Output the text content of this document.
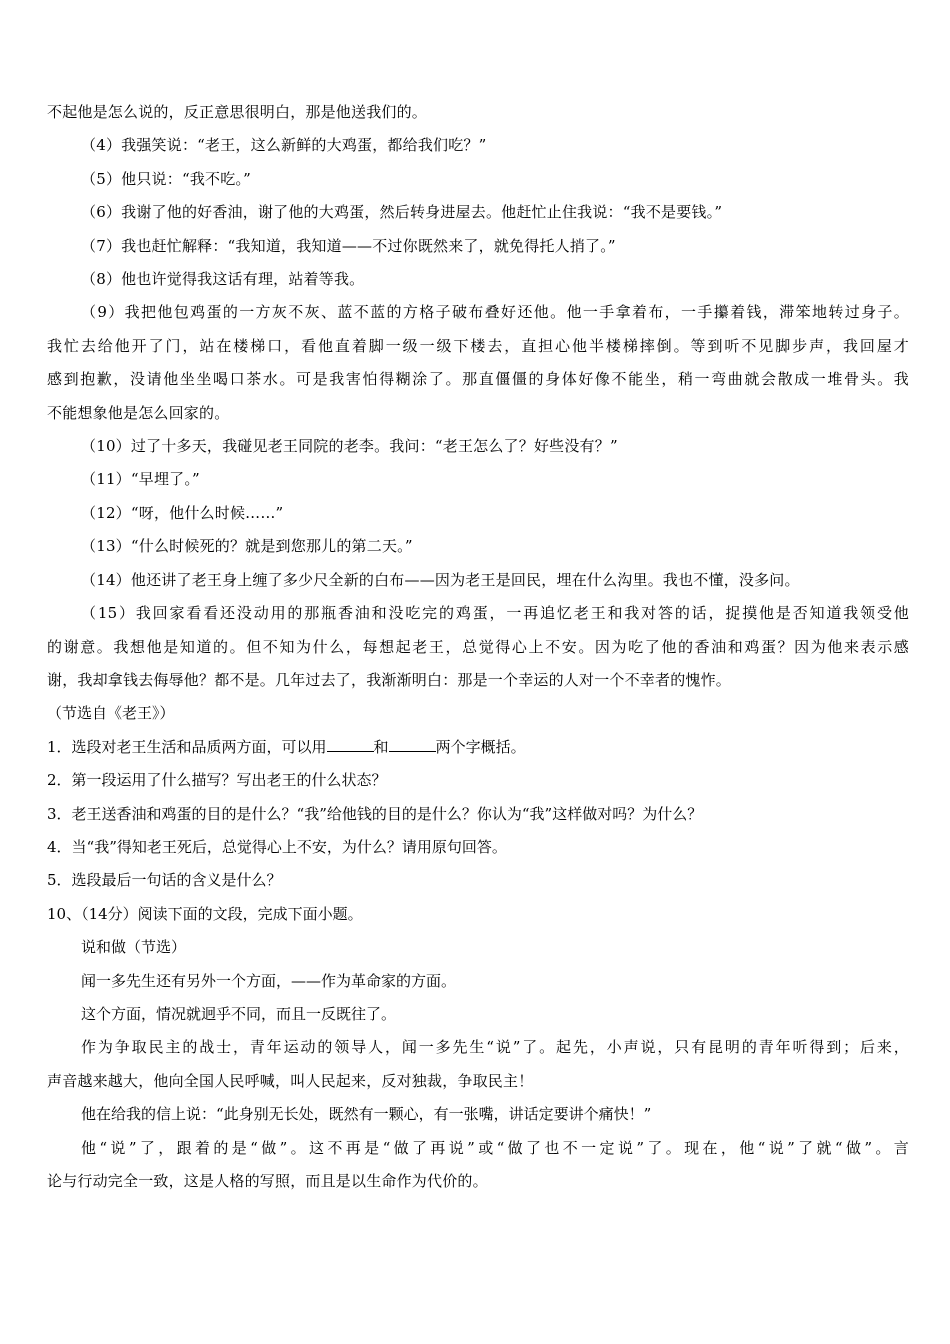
不起他是怎么说的，反正意思很明白，那是他送我们的。
（4）我强笑说：“老王，这么新鲜的大鸡蛋，都给我们吃？”
（5）他只说：“我不吃。”
（6）我谢了他的好香油，谢了他的大鸡蛋，然后转身进屋去。他赶忙止住我说：“我不是要钱。”
（7）我也赶忙解释：“我知道，我知道——不过你既然来了，就免得托人捎了。”
（8）他也许觉得我这话有理，站着等我。
（9）我把他包鸡蛋的一方灰不灰、蓝不蓝的方格子破布叠好还他。他一手拿着布，一手攥着钱，滞笨地转过身子。
我忙去给他开了门，站在楼梯口，看他直着脚一级一级下楼去，直担心他半楼梯摔倒。等到听不见脚步声，我回屋才
感到抱歉，没请他坐坐喝口茶水。可是我害怕得糊涂了。那直僵僵的身体好像不能坐，稍一弯曲就会散成一堆骨头。我
不能想象他是怎么回家的。
（10）过了十多天，我碰见老王同院的老李。我问：“老王怎么了？好些没有？”
（11）“早埋了。”
（12）“呀，他什么时候……”
（13）“什么时候死的？就是到您那儿的第二天。”
（14）他还讲了老王身上缠了多少尺全新的白布——因为老王是回民，埋在什么沟里。我也不懂，没多问。
（15）我回家看看还没动用的那瓶香油和没吃完的鸡蛋，一再追忆老王和我对答的话，捉摸他是否知道我领受他
的谢意。我想他是知道的。但不知为什么，每想起老王，总觉得心上不安。因为吃了他的香油和鸡蛋？因为他来表示感
谢，我却拿钱去侮辱他？都不是。几年过去了，我渐渐明白：那是一个幸运的人对一个不幸者的愧怍。
（节选自《老王》）
1．选段对老王生活和品质两方面，可以用	和	两个字概括。
2．第一段运用了什么描写？写出老王的什么状态？
3．老王送香油和鸡蛋的目的是什么？“我”给他钱的目的是什么？你认为“我”这样做对吗？为什么？
4．当“我”得知老王死后，总觉得心上不安，为什么？请用原句回答。
5．选段最后一句话的含义是什么？
10、（14分）阅读下面的文段，完成下面小题。
说和做（节选）
闻一多先生还有另外一个方面，——作为革命家的方面。
这个方面，情况就迥乎不同，而且一反既往了。
作为争取民主的战士，青年运动的领导人，闻一多先生“说”了。起先，小声说，只有昆明的青年听得到；后来，
声音越来越大，他向全国人民呼喊，叫人民起来，反对独裁，争取民主！
他在给我的信上说：“此身别无长处，既然有一颗心，有一张嘴，讲话定要讲个痛快！”
他“说”了，跟着的是“做”。这不再是“做了再说”或“做了也不一定说”了。现在，他“说”了就“做”。言
论与行动完全一致，这是人格的写照，而且是以生命作为代价的。
